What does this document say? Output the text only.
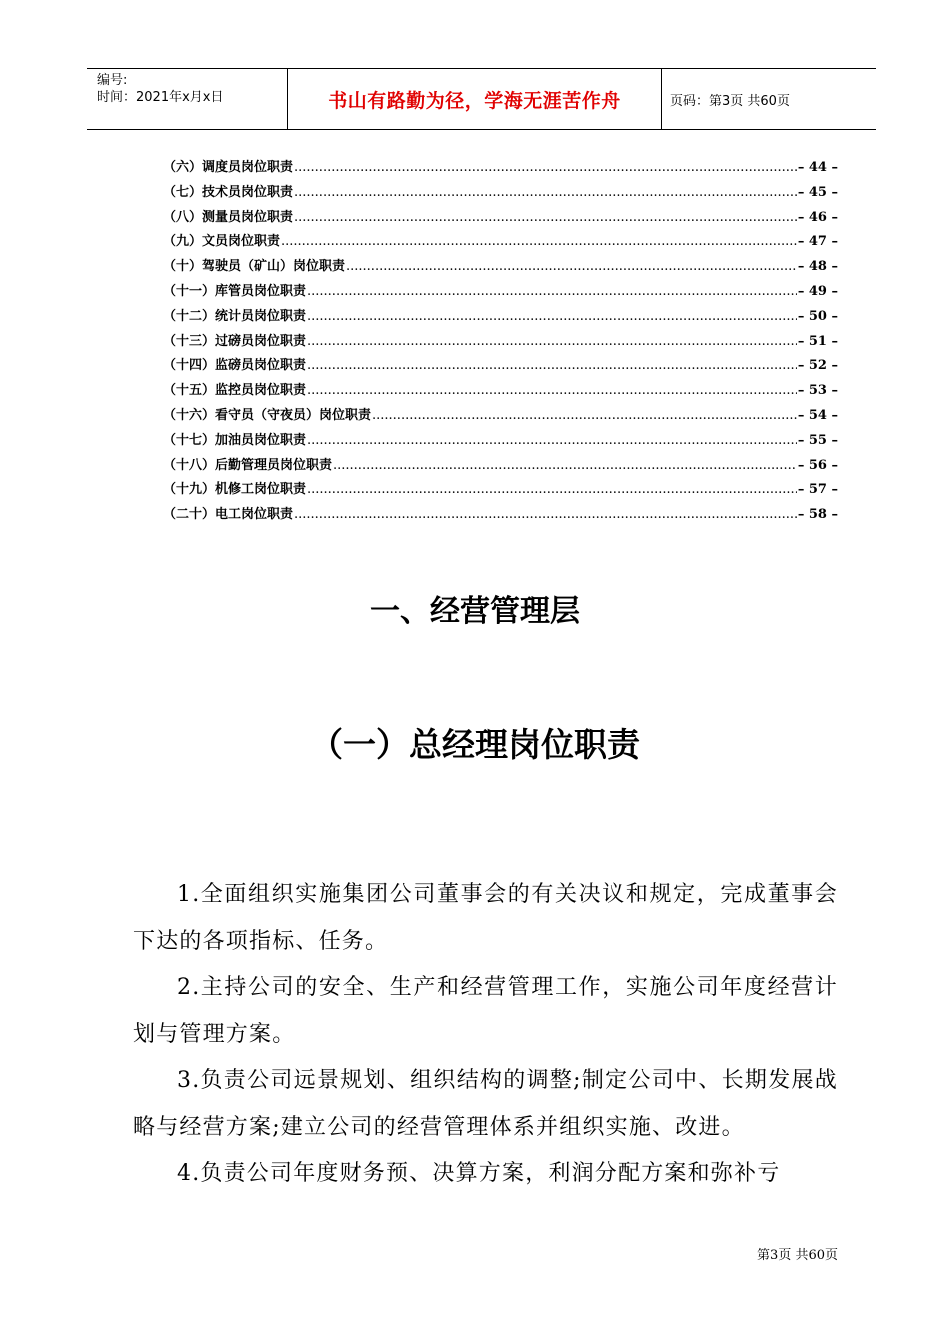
编号:
时间：2021年x月x日	书山有路勤为径，学海无涯苦作舟	页码：第3页 共60页
（六）调度员岗位职责 .....	– 44 –
（七）技术员岗位职责 .....	– 45 –
（八）测量员岗位职责 .....	– 46 –
（九）文员岗位职责 .....	– 47 –
（十）驾驶员（矿山）岗位职责 .....	– 48 –
（十一）库管员岗位职责 .....	– 49 –
（十二）统计员岗位职责 .....	– 50 –
（十三）过磅员岗位职责 .....	– 51 –
（十四）监磅员岗位职责 .....	– 52 –
（十五）监控员岗位职责 .....	– 53 –
（十六）看守员（守夜员）岗位职责 .....	– 54 –
（十七）加油员岗位职责 .....	– 55 –
（十八）后勤管理员岗位职责 .....	– 56 –
（十九）机修工岗位职责 .....	– 57 –
（二十）电工岗位职责 .....	– 58 –
一、经营管理层
（一）总经理岗位职责

1.全面组织实施集团公司董事会的有关决议和规定，完成董事会下达的各项指标、任务。

2.主持公司的安全、生产和经营管理工作，实施公司年度经营计划与管理方案。

3.负责公司远景规划、组织结构的调整;制定公司中、长期发展战略与经营方案;建立公司的经营管理体系并组织实施、改进。

4.负责公司年度财务预、决算方案，利润分配方案和弥补亏

第3页 共60页
